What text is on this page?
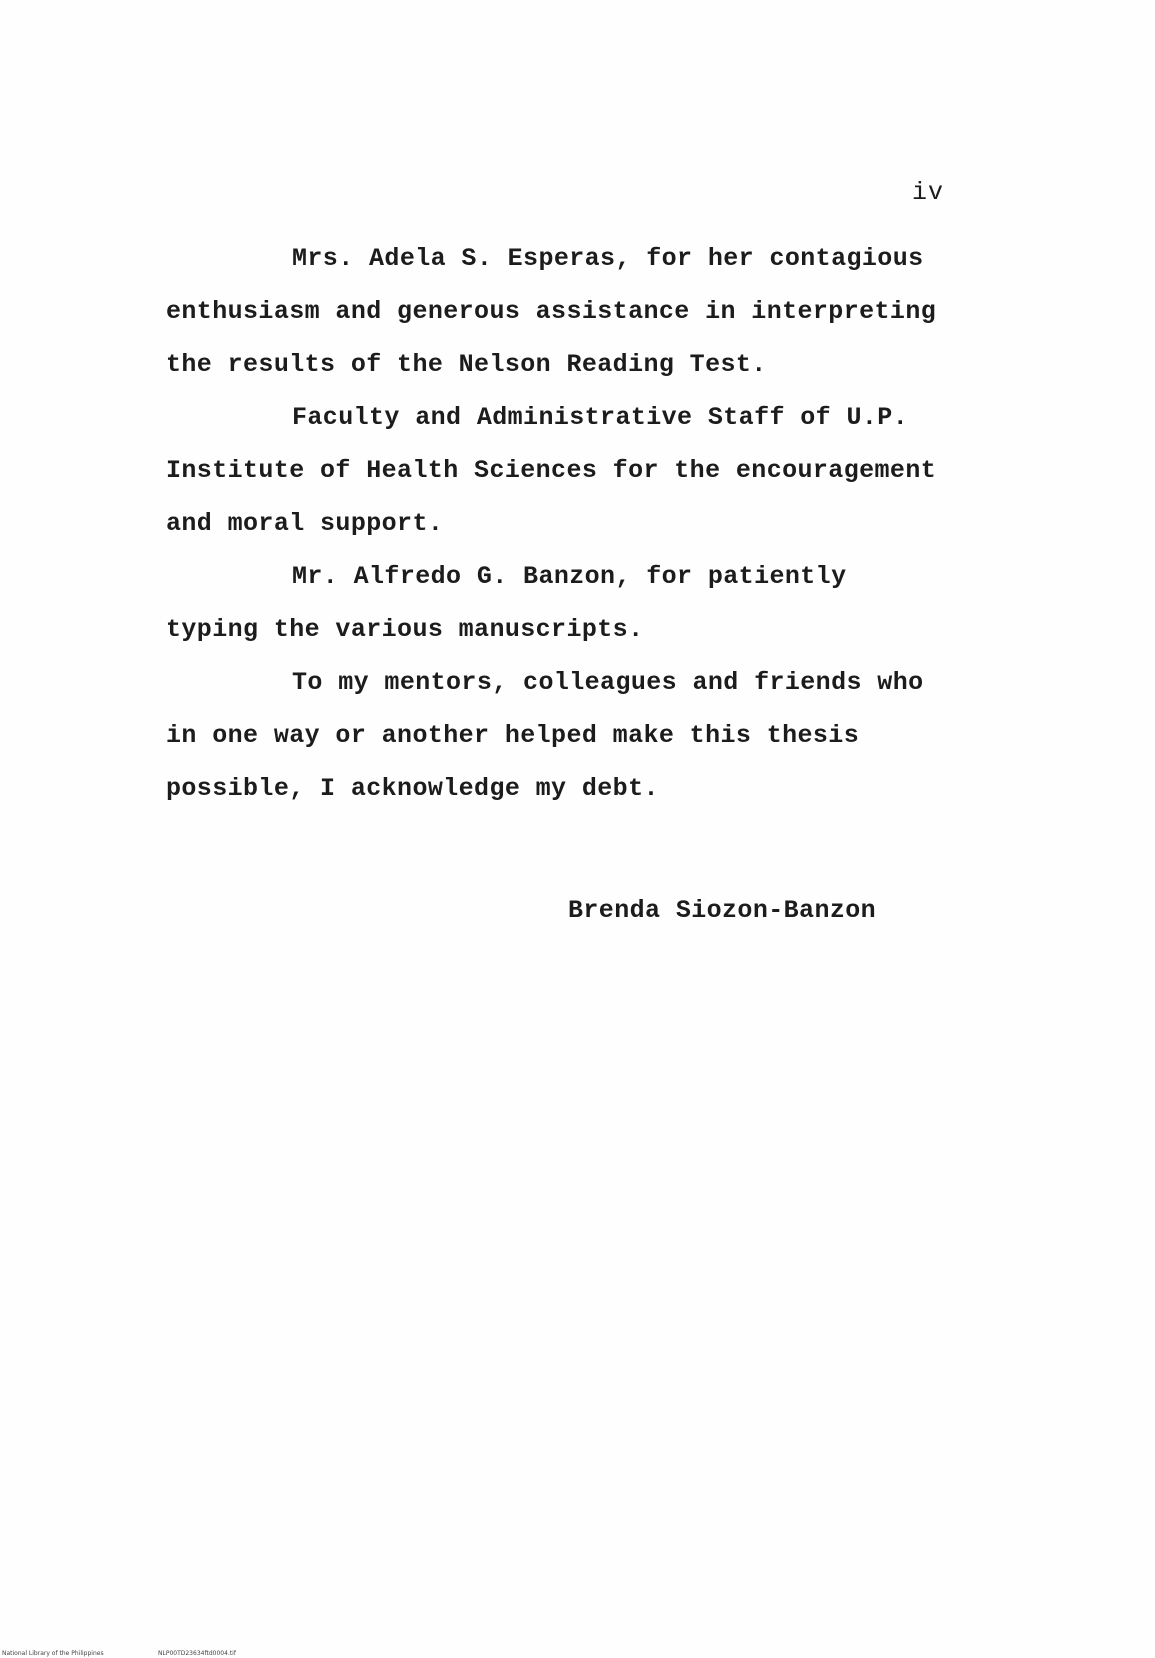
iv

Mrs. Adela S. Esperas, for her contagious
enthusiasm and generous assistance in interpreting
the results of the Nelson Reading Test.

Faculty and Administrative Staff of U.P.
Institute of Health Sciences for the encouragement
and moral support.

Mr. Alfredo G. Banzon, for patiently
typing the various manuscripts.

To my mentors, colleagues and friends who
in one way or another helped make this thesis
possible, I acknowledge my debt.

Brenda Siozon-Banzon
National Library of the Philippines	NLP00TD23634ftd0004.tif
